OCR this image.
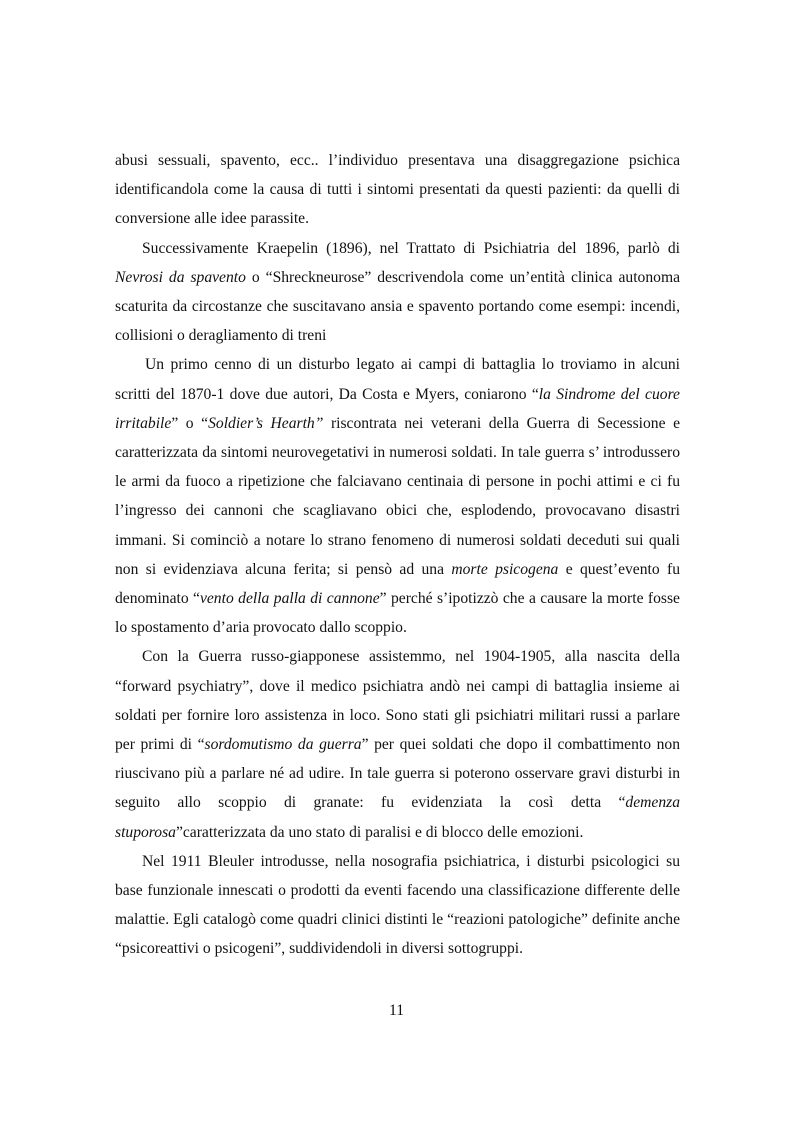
abusi sessuali, spavento, ecc.. l’individuo presentava una disaggregazione psichica identificandola come la causa di tutti i sintomi presentati da questi pazienti: da quelli di conversione alle idee parassite.

Successivamente Kraepelin (1896), nel Trattato di Psichiatria del 1896, parlò di Nevrosi da spavento o “Shreckneurose” descrivendola come un’entità clinica autonoma scaturita da circostanze che suscitavano ansia e spavento portando come esempi: incendi, collisioni o deragliamento di treni

Un primo cenno di un disturbo legato ai campi di battaglia lo troviamo in alcuni scritti del 1870-1 dove due autori, Da Costa e Myers, coniarono “la Sindrome del cuore irritabile” o “Soldier’s Hearth” riscontrata nei veterani della Guerra di Secessione e caratterizzata da sintomi neurovegetativi in numerosi soldati. In tale guerra s’ introdussero le armi da fuoco a ripetizione che falciavano centinaia di persone in pochi attimi e ci fu l’ingresso dei cannoni che scagliavano obici che, esplodendo, provocavano disastri immani. Si cominciò a notare lo strano fenomeno di numerosi soldati deceduti sui quali non si evidenziava alcuna ferita; si pensò ad una morte psicogena e quest’evento fu denominato “vento della palla di cannone” perché s’ipotizzò che a causare la morte fosse lo spostamento d’aria provocato dallo scoppio.

Con la Guerra russo-giapponese assistemmo, nel 1904-1905, alla nascita della “forward psychiatry”, dove il medico psichiatra andò nei campi di battaglia insieme ai soldati per fornire loro assistenza in loco. Sono stati gli psichiatri militari russi a parlare per primi di “sordomutismo da guerra” per quei soldati che dopo il combattimento non riuscivano più a parlare né ad udire. In tale guerra si poterono osservare gravi disturbi in seguito allo scoppio di granate: fu evidenziata la così detta “demenza stuporosa”caratterizzata da uno stato di paralisi e di blocco delle emozioni.

Nel 1911 Bleuler introdusse, nella nosografia psichiatrica, i disturbi psicologici su base funzionale innescati o prodotti da eventi facendo una classificazione differente delle malattie. Egli catalogò come quadri clinici distinti le “reazioni patologiche” definite anche “psicoreattivi o psicogeni”, suddividendoli in diversi sottogruppi.

11
